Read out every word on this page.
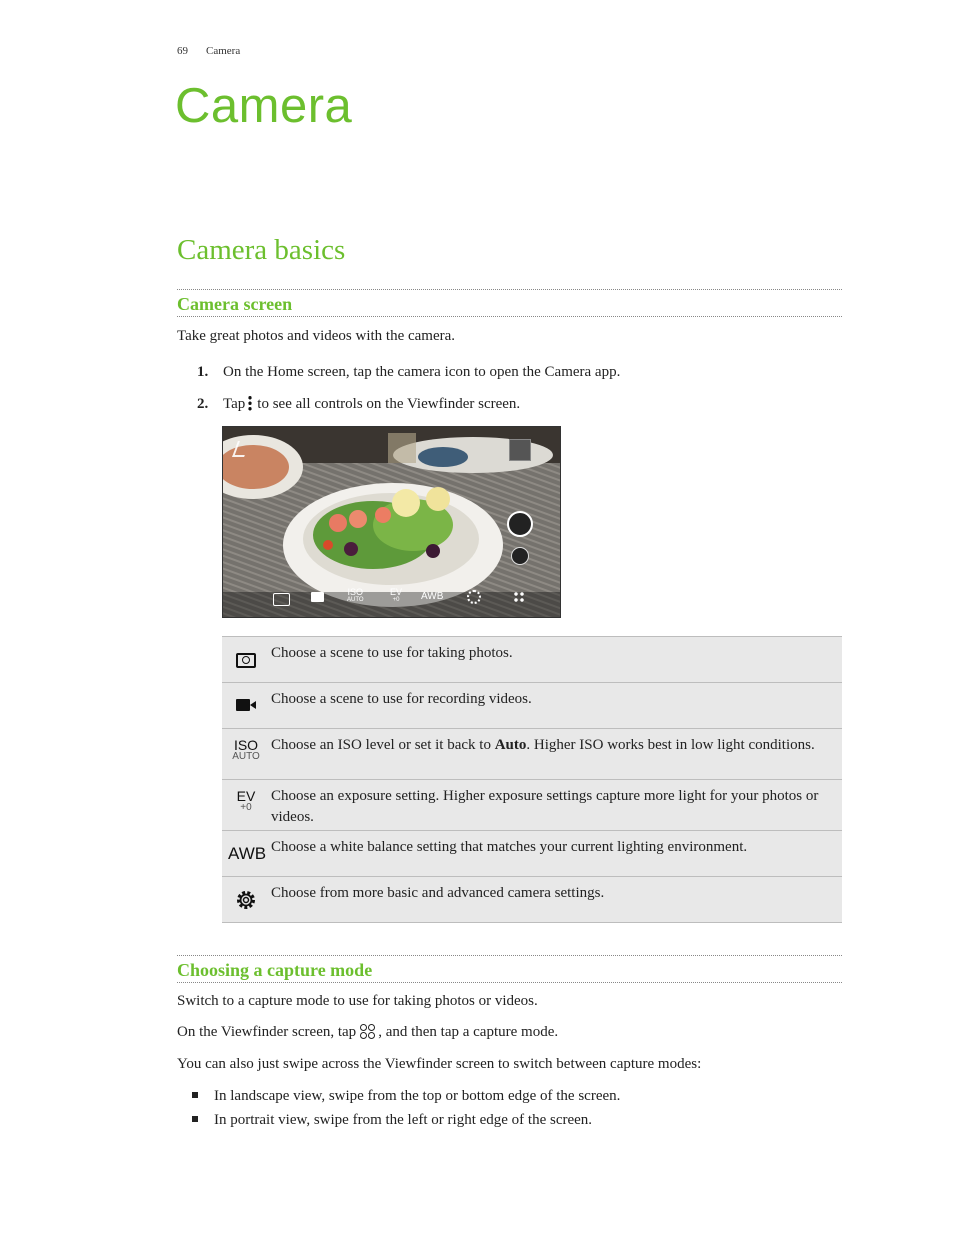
69 Camera
Camera
Camera basics
Camera screen
Take great photos and videos with the camera.
1. On the Home screen, tap the camera icon to open the Camera app.
2. Tap to see all controls on the Viewfinder screen.
ISO
AUTO
EV
+0 AWB
Choose a scene to use for taking photos.
Choose a scene to use for recording videos.
ISO
AUTO
Choose an ISO level or set it back to Auto. Higher ISO works best in low light conditions.
EV
+0
Choose an exposure setting. Higher exposure settings capture more light for your photos or videos.
AWB Choose a white balance setting that matches your current lighting environment.
Choose from more basic and advanced camera settings.
Choosing a capture mode
Switch to a capture mode to use for taking photos or videos.
On the Viewfinder screen, tap , and then tap a capture mode.
You can also just swipe across the Viewfinder screen to switch between capture modes:
In landscape view, swipe from the top or bottom edge of the screen.
In portrait view, swipe from the left or right edge of the screen.
